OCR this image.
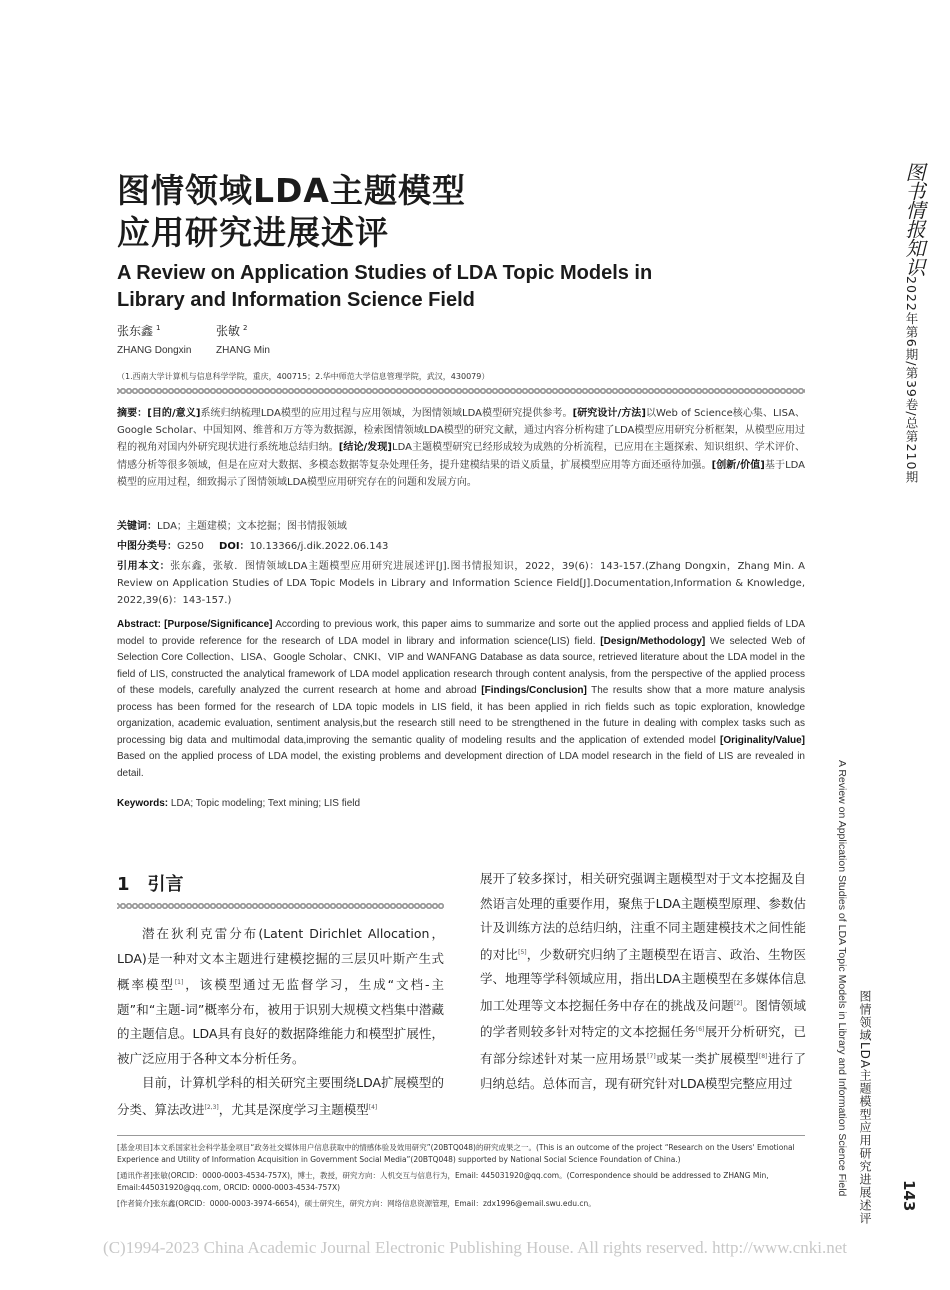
图情领域LDA主题模型
应用研究进展述评
A Review on Application Studies of LDA Topic Models in
Library and Information Science Field
张东鑫 $^1$
ZHANG Dongxin
张敏 $^2$
ZHANG Min
（1.西南大学计算机与信息科学学院，重庆，400715；2.华中师范大学信息管理学院，武汉，430079）
摘要：[目的/意义]系统归纳梳理LDA模型的应用过程与应用领域，为图情领域LDA模型研究提供参考。[研究设计/方法]以Web of Science核心集、LISA、Google Scholar、中国知网、维普和万方等为数据源，检索图情领域LDA模型的研究文献，通过内容分析构建了LDA模型应用研究分析框架，从模型应用过程的视角对国内外研究现状进行系统地总结归纳。[结论/发现]LDA主题模型研究已经形成较为成熟的分析流程，已应用在主题探索、知识组织、学术评价、情感分析等很多领域，但是在应对大数据、多模态数据等复杂处理任务，提升建模结果的语义质量，扩展模型应用等方面还亟待加强。[创新/价值]基于LDA模型的应用过程，细致揭示了图情领域LDA模型应用研究存在的问题和发展方向。
关键词：LDA；主题建模；文本挖掘；图书情报领域
中图分类号：G250 DOI：10.13366/j.dik.2022.06.143
引用本文：张东鑫，张敏．图情领域LDA主题模型应用研究进展述评[J].图书情报知识，2022，39(6)：143-157.(Zhang Dongxin，Zhang Min. A Review on Application Studies of LDA Topic Models in Library and Information Science Field[J].Documentation,Information & Knowledge, 2022,39(6)：143-157.)
Abstract: [Purpose/Significance] According to previous work, this paper aims to summarize and sorte out the applied process and applied fields of LDA model to provide reference for the research of LDA model in library and information science(LIS) field. [Design/Methodology] We selected Web of Selection Core Collection、LISA、Google Scholar、CNKI、VIP and WANFANG Database as data source, retrieved literature about the LDA model in the field of LIS, constructed the analytical framework of LDA model application research through content analysis, from the perspective of the applied process of these models, carefully analyzed the current research at home and abroad [Findings/Conclusion] The results show that a more mature analysis process has been formed for the research of LDA topic models in LIS field, it has been applied in rich fields such as topic exploration, knowledge organization, academic evaluation, sentiment analysis,but the research still need to be strengthened in the future in dealing with complex tasks such as processing big data and multimodal data,improving the semantic quality of modeling results and the application of extended model [Originality/Value] Based on the applied process of LDA model, the existing problems and development direction of LDA model research in the field of LIS are revealed in detail.
Keywords: LDA; Topic modeling; Text mining; LIS field
1 引言

潜在狄利克雷分布(Latent Dirichlet Allocation，LDA)是一种对文本主题进行建模挖掘的三层贝叶斯产生式概率模型[1]，该模型通过无监督学习，生成“文档-主题”和“主题-词”概率分布，被用于识别大规模文档集中潜藏的主题信息。LDA具有良好的数据降维能力和模型扩展性，被广泛应用于各种文本分析任务。

目前，计算机学科的相关研究主要围绕LDA扩展模型的分类、算法改进[2,3]，尤其是深度学习主题模型[4]

展开了较多探讨，相关研究强调主题模型对于文本挖掘及自然语言处理的重要作用，聚焦于LDA主题模型原理、参数估计及训练方法的总结归纳，注重不同主题建模技术之间性能的对比[5]，少数研究归纳了主题模型在语言、政治、生物医学、地理等学科领域应用，指出LDA主题模型在多媒体信息加工处理等文本挖掘任务中存在的挑战及问题[2]。图情领域的学者则较多针对特定的文本挖掘任务[6]展开分析研究，已有部分综述针对某一应用场景[7]或某一类扩展模型[8]进行了归纳总结。总体而言，现有研究针对LDA模型完整应用过

[基金项目]本文系国家社会科学基金项目“政务社交媒体用户信息获取中的情感体验及效用研究”(20BTQ048)的研究成果之一。(This is an outcome of the project “Research on the Users' Emotional Experience and Utility of Information Acquisition in Government Social Media”(20BTQ048) supported by National Social Science Foundation of China.)

[通讯作者]张敏(ORCID：0000-0003-4534-757X)，博士，教授，研究方向：人机交互与信息行为，Email: 445031920@qq.com。(Correspondence should be addressed to ZHANG Min, Email:445031920@qq.com, ORCID: 0000-0003-4534-757X)

[作者简介]张东鑫(ORCID：0000-0003-3974-6654)，硕士研究生，研究方向：网络信息资源管理，Email：zdx1996@email.swu.edu.cn。

(C)1994-2023 China Academic Journal Electronic Publishing House. All rights reserved. http://www.cnki.net
图书情报知识
2022年第6期/第39卷/总第210期
A Review on Application Studies of LDA Topic Models in Library and Information Science Field 图情领域LDA主题模型应用研究进展述评 143
